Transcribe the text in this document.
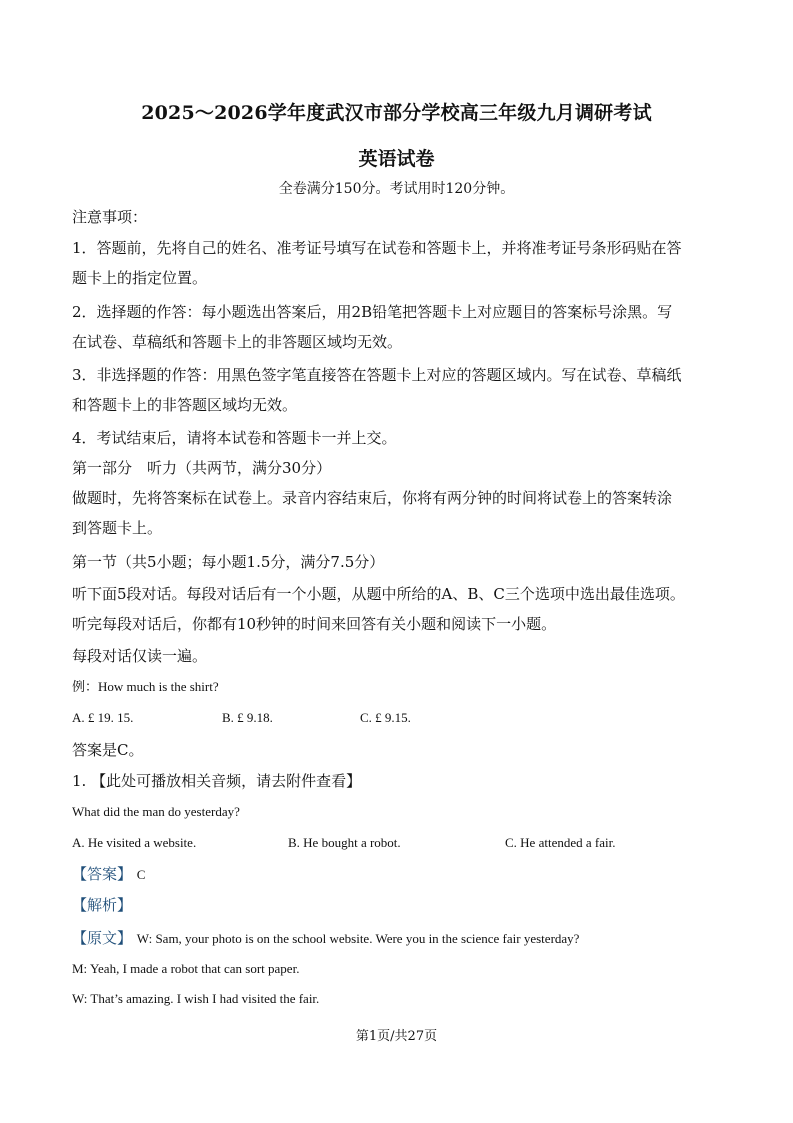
2025～2026学年度武汉市部分学校高三年级九月调研考试
英语试卷
全卷满分150分。考试用时120分钟。
注意事项：
1．答题前，先将自己的姓名、准考证号填写在试卷和答题卡上，并将准考证号条形码贴在答
题卡上的指定位置。
2．选择题的作答：每小题选出答案后，用2B铅笔把答题卡上对应题目的答案标号涂黑。写
在试卷、草稿纸和答题卡上的非答题区域均无效。
3．非选择题的作答：用黑色签字笔直接答在答题卡上对应的答题区域内。写在试卷、草稿纸
和答题卡上的非答题区域均无效。
4．考试结束后，请将本试卷和答题卡一并上交。
第一部分　听力（共两节，满分30分）
做题时，先将答案标在试卷上。录音内容结束后，你将有两分钟的时间将试卷上的答案转涂
到答题卡上。
第一节（共5小题；每小题1.5分，满分7.5分）
听下面5段对话。每段对话后有一个小题，从题中所给的A、B、C三个选项中选出最佳选项。
听完每段对话后，你都有10秒钟的时间来回答有关小题和阅读下一小题。
每段对话仅读一遍。
例：How much is the shirt?
A. £ 19. 15.	B. £ 9.18.	C. £ 9.15.
答案是C。
1. 【此处可播放相关音频，请去附件查看】
What did the man do yesterday?
A. He visited a website.	B. He bought a robot.	C. He attended a fair.
【答案】 C
【解析】
【原文】 W: Sam, your photo is on the school website. Were you in the science fair yesterday?
M: Yeah, I made a robot that can sort paper.
W: That’s amazing. I wish I had visited the fair.
第1页/共27页
